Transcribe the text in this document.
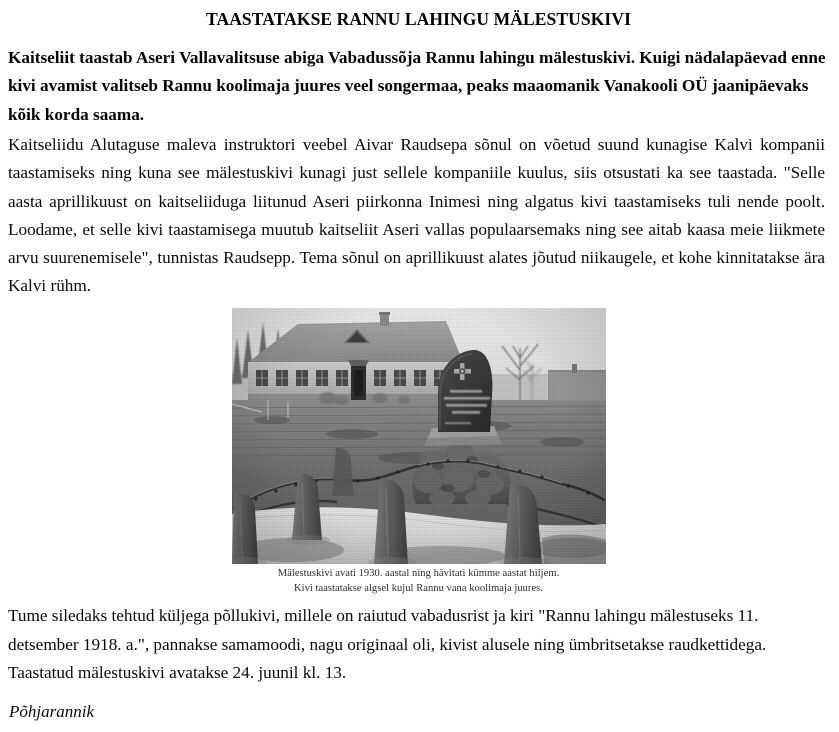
TAASTATAKSE RANNU LAHINGU MÄLESTUSKIVI

Kaitseliit taastab Aseri Vallavalitsuse abiga Vabadussõja Rannu lahingu mälestuskivi. Kuigi nädalapäevad enne kivi avamist valitseb Rannu koolimaja juures veel songermaa, peaks maaomanik Vanakooli OÜ jaanipäevaks kõik korda saama.

Kaitseliidu Alutaguse maleva instruktori veebel Aivar Raudsepa sõnul on võetud suund kunagise Kalvi kompanii taastamiseks ning kuna see mälestuskivi kunagi just sellele kompaniile kuulus, siis otsustati ka see taastada. "Selle aasta aprillikuust on kaitseliiduga liitunud Aseri piirkonna Inimesi ning algatus kivi taastamiseks tuli nende poolt. Loodame, et selle kivi taastamisega muutub kaitseliit Aseri vallas populaarsemaks ning see aitab kaasa meie liikmete arvu suurenemisele", tunnistas Raudsepp. Tema sõnul on aprillikuust alates jõutud niikaugele, et kohe kinnitatakse ära Kalvi rühm.

Mälestuskivi avati 1930. aastal ning hävitati kümme aastat hiljem.
Kivi taastatakse algsel kujul Rannu vana koolimaja juures.

Tume siledaks tehtud küljega põllukivi, millele on raiutud vabadusrist ja kiri "Rannu lahingu mälestuseks 11. detsember 1918. a.", pannakse samamoodi, nagu originaal oli, kivist alusele ning ümbritsetakse raudkettidega. Taastatud mälestuskivi avatakse 24. juunil kl. 13.

Põhjarannik
